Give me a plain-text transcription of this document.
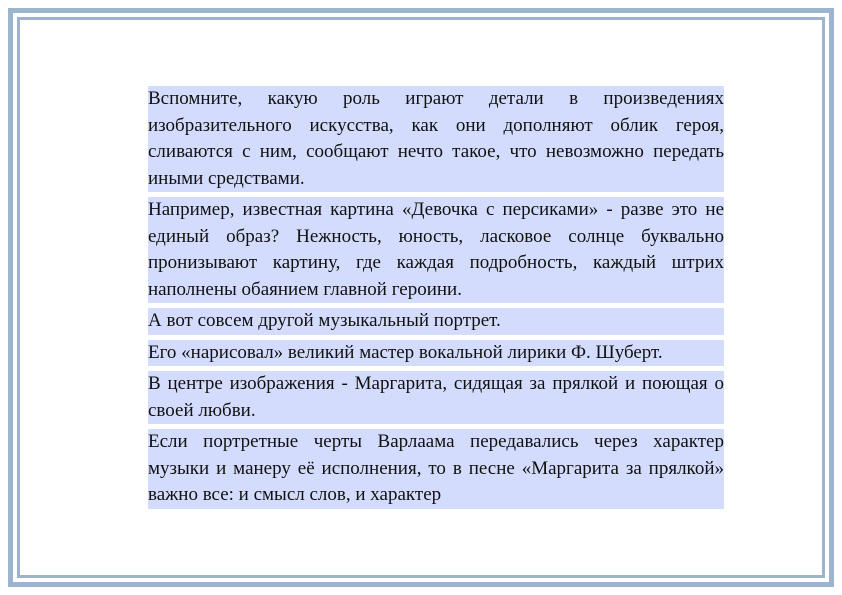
Вспомните, какую роль играют детали в произведениях изобразительного искусства, как они дополняют облик героя, сливаются с ним, сообщают нечто такое, что невозможно передать иными средствами.

Например, известная картина «Девочка с персиками» - разве это не единый образ? Нежность, юность, ласковое солнце буквально пронизывают картину, где каждая подробность, каждый штрих наполнены обаянием главной героини.

А вот совсем другой музыкальный портрет.

Его «нарисовал» великий мастер вокальной лирики Ф. Шуберт.

В центре изображения - Маргарита, сидящая за прялкой и поющая о своей любви.

Если портретные черты Варлаама передавались через характер музыки и манеру её исполнения, то в песне «Маргарита за прялкой» важно все: и смысл слов, и характер
